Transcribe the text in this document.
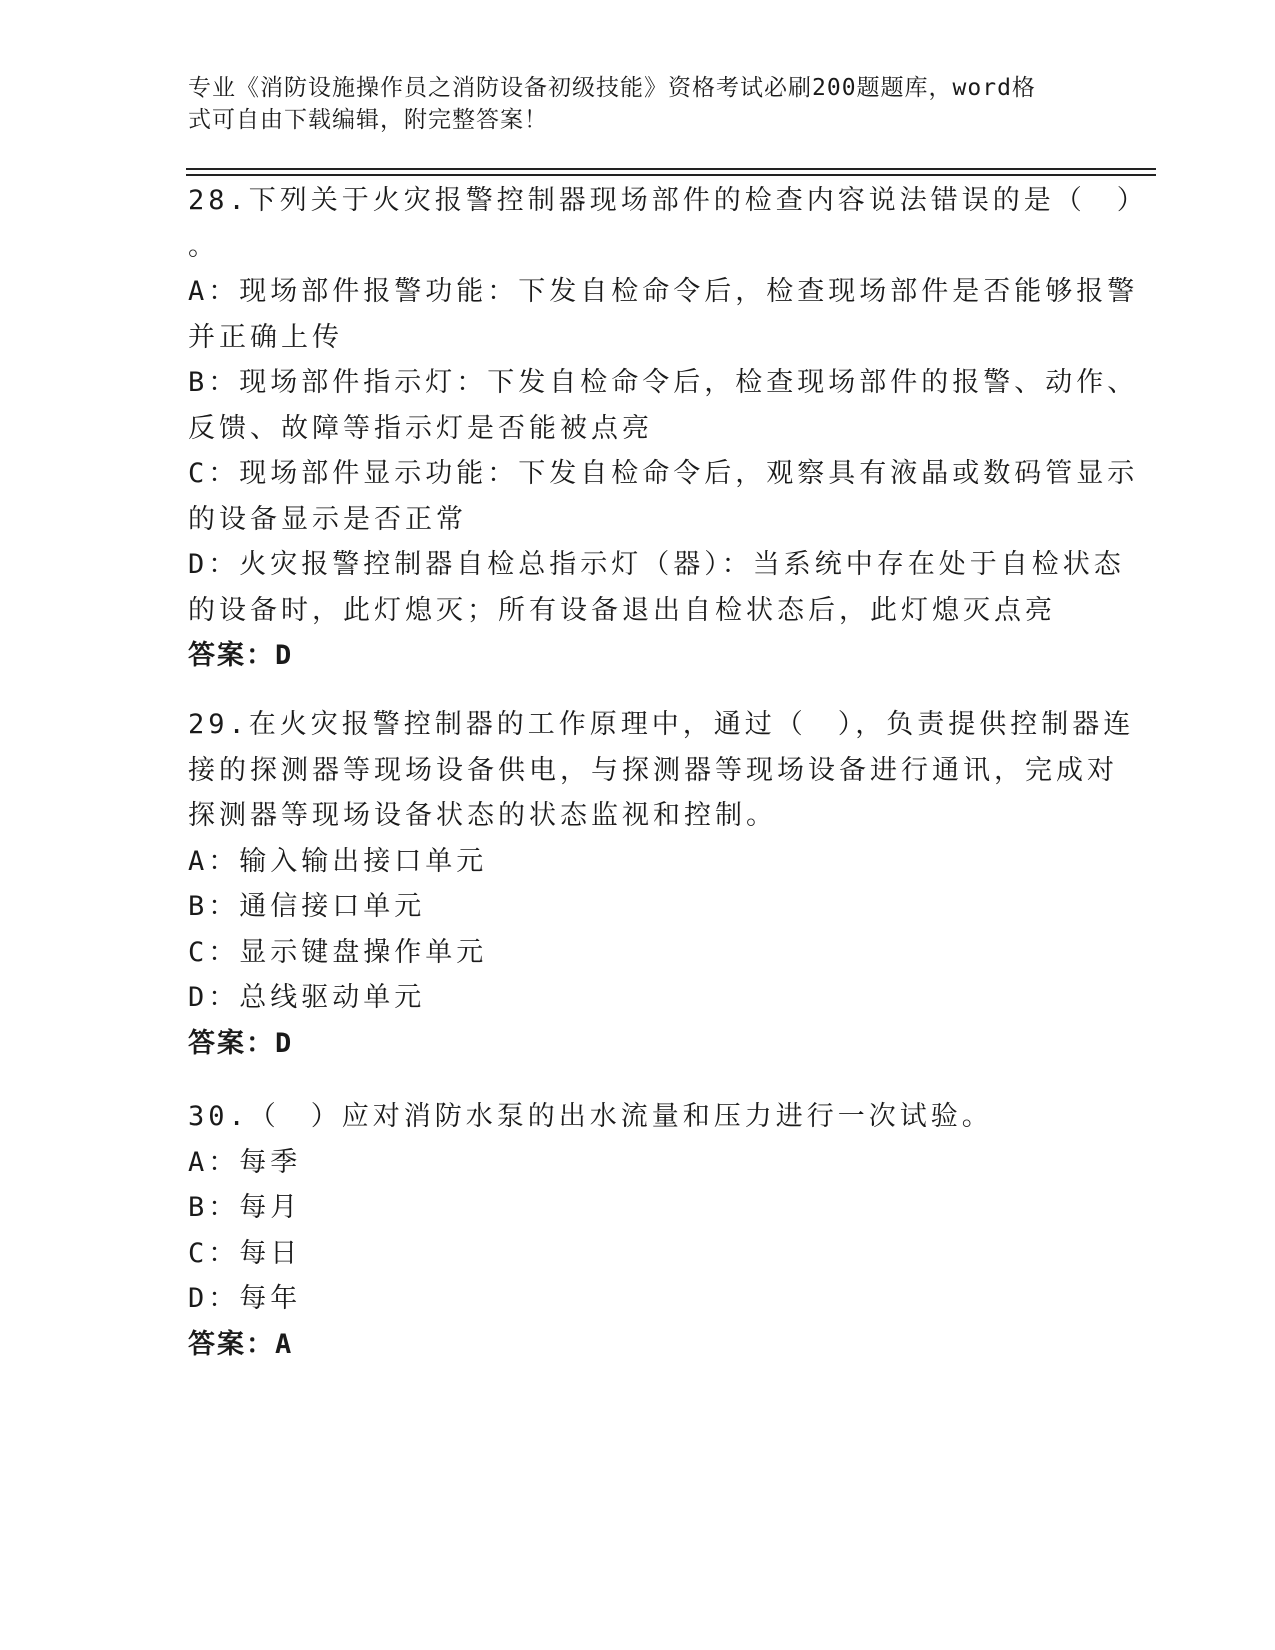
专业《消防设施操作员之消防设备初级技能》资格考试必刷200题题库，word格
式可自由下载编辑，附完整答案！
28.下列关于火灾报警控制器现场部件的检查内容说法错误的是（　）
。
A：现场部件报警功能：下发自检命令后，检查现场部件是否能够报警
并正确上传
B：现场部件指示灯：下发自检命令后，检查现场部件的报警、动作、
反馈、故障等指示灯是否能被点亮
C：现场部件显示功能：下发自检命令后，观察具有液晶或数码管显示
的设备显示是否正常
D：火灾报警控制器自检总指示灯（器）：当系统中存在处于自检状态
的设备时，此灯熄灭；所有设备退出自检状态后，此灯熄灭点亮
答案：D
29.在火灾报警控制器的工作原理中，通过（　），负责提供控制器连
接的探测器等现场设备供电，与探测器等现场设备进行通讯，完成对
探测器等现场设备状态的状态监视和控制。
A：输入输出接口单元
B：通信接口单元
C：显示键盘操作单元
D：总线驱动单元
答案：D
30.（　）应对消防水泵的出水流量和压力进行一次试验。
A：每季
B：每月
C：每日
D：每年
答案：A
